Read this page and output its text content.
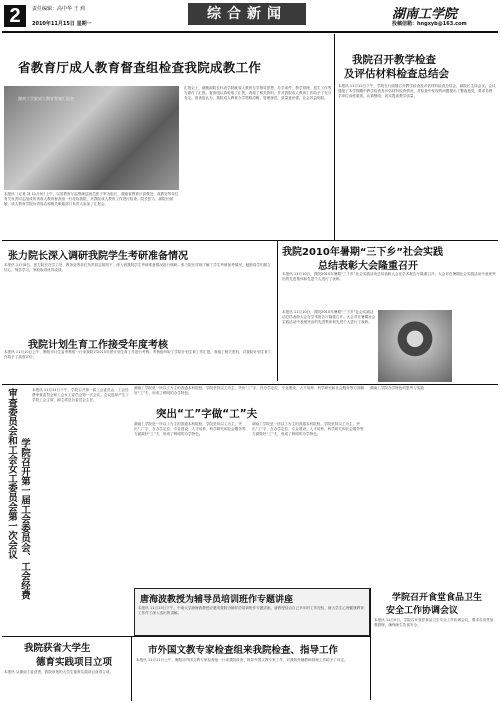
2	责任编辑：高中华 王 莉
2010年11月15日 星期一
综合新闻	湖南工学院
投稿信箱：hngxyb@163.com
省教育厅成人教育督查组检查我院成教工作
湖南工学院成人教育督查汇报会
本报讯（记者 刘 11月9日上午，以省教育厅监察副巡视员张子军为组长，湖南省教育厅高教处、成教处等单位有关负责同志组成的省成人教育督查组一行莅临我院，对我院成人教育工作进行检查。院长张力、副院长谢敏、成人教育学院负责同志和相关职能部门负责人参加了汇报会。
汇报会上，谢敏副院长代表学院就成人教育办学指导思想、办学条件、教学管理、招生工作等方面作了汇报。督查组认真听取了汇报，查阅了相关资料，并对我院成人教育工作给予了充分肯定。督查组认为，我院成人教育办学思路清晰，管理规范，质量意识强，社会效益明显。
我院召开教学检查
及评估材料检查总结会
本报讯 11月12日下午，学院在行政楼召开教学检查及评估材料检查总结会，副院长主持会议。会议通报了本学期期中教学检查及评估材料检查情况，对检查中发现的问题提出了整改意见，要求各教学单位高度重视，认真整改，切实提高教学质量。
张力院长深入调研我院学生考研准备情况
本报讯 11月8日，张力院长在学工处、教务处等单位负责同志陪同下，深入到我院学生考研准备情况进行调研。张力院长详细了解了学生考研备考情况，勉励同学们树立信心，刻苦学习，争取取得优异成绩。
我院2010年暑期“三下乡”社会实践
总结表彰大会隆重召开
本报讯 11月10日，我院2010年暑期“三下乡”社会实践活动总结表彰大会在学术报告厅隆重召开。大会对在暑期社会实践活动中表现突出的先进集体和先进个人进行了表彰。
本报讯 11月10日，我院2010年暑期“三下乡”社会实践活动总结表彰大会在学术报告厅隆重召开。大会对在暑期社会实践活动中表现突出的先进集体和先进个人进行了表彰。
我院计划生育工作接受年度考核
本报讯 11月10日上午，衡阳市计生委考核组一行来我院对2010年度计划生育工作进行考核。考核组听取了学院计划生育工作汇报，查阅了相关资料，对我院计划生育工作给予了高度评价。
学院召开第一届工会委员会、工会经费
审查委员会和工会女工委员会第一次会议	本报讯 11月11日下午，学院召开第一届工会委员会、工会经费审查委员会和工会女工委员会第一次会议。会议选举产生了学院工会主席、副主席及各委员会主任。
突出“工”字做“工”夫
湖南工学院是一所以工为主的普通本科院校。学院坚持以工为主，突出“工”字，在办学定位、专业建设、人才培养、科学研究和社会服务等方面做好“工”夫，形成了鲜明的办学特色。
湖南工学院是一所以工为主的普通本科院校。学院坚持以工为主，突出“工”字，在办学定位、专业建设、人才培养、科学研究和社会服务等方面做好“工”夫，形成了鲜明的办学特色。
湖南工学院是一所以工为主的普通本科院校。学院坚持以工为主，突出“工”字，在办学定位、专业建设、人才培养、科学研究和社会服务等方面做好“工”夫，形成了鲜明的办学特色。
湖南工学院办学特色的思考与实践
唐海波教授为辅导员培训班作专题讲座
本报讯 11月13日下午，中南大学唐海波教授应邀来我院为辅导员培训班作专题讲座。唐教授结合自己多年的工作经验，就大学生心理健康教育工作作了深入浅出的讲解。
学院召开食堂食品卫生
安全工作协调会议
本报讯 11月9日，学院召开食堂食品卫生安全工作协调会议，要求各食堂加强管理，确保师生饮食安全。
我院获省大学生
德育实践项目立项
本报讯 从湖南工委获悉，我院申报的大学生德育实践项目获得立项。
市外国文教专家检查组来我院检查、指导工作
本报讯 11月11日上午，衡阳市外国文教专家检查组一行来我院检查、指导外国文教专家工作，对我院外籍教师管理工作给予了肯定。
